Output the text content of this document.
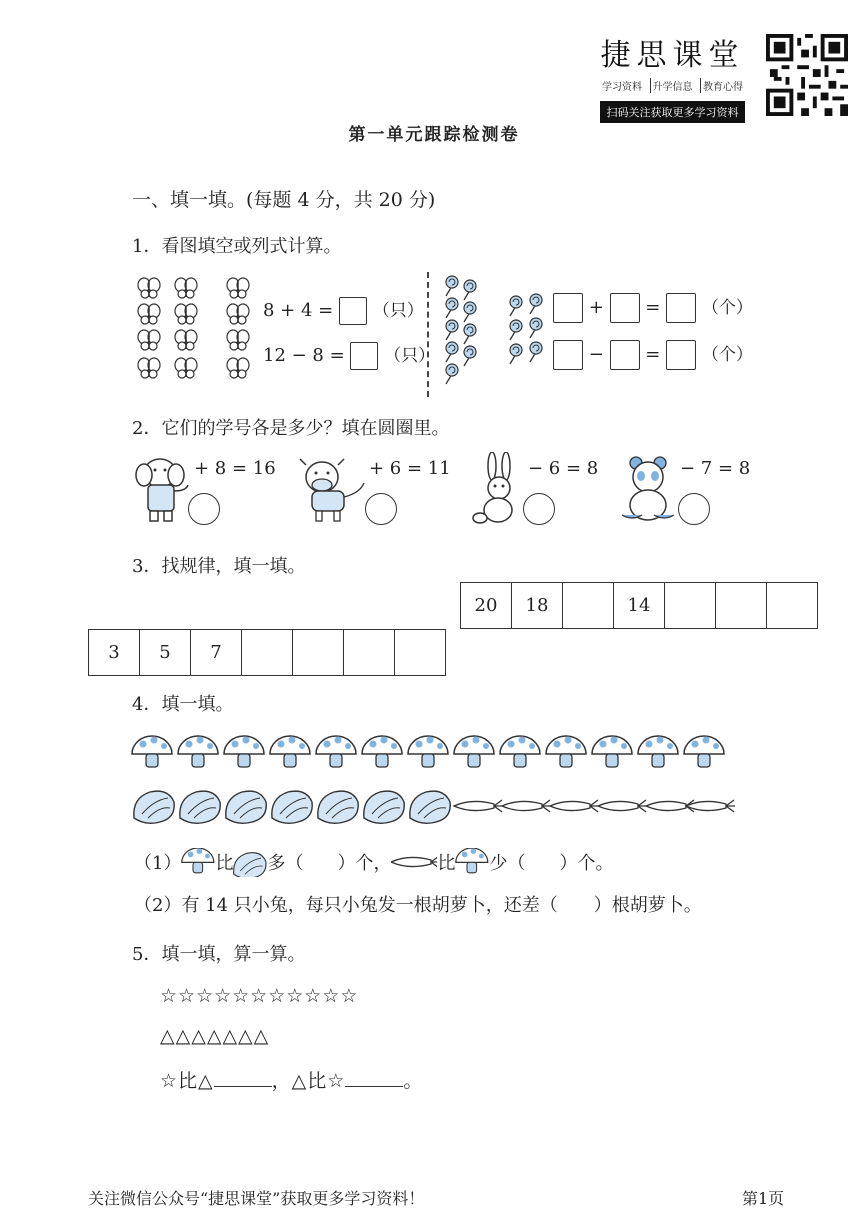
捷思课堂
学习资料	升学信息	教育心得
扫码关注获取更多学习资料
第一单元跟踪检测卷
一、填一填。(每题 4 分，共 20 分)
1．看图填空或列式计算。
8 + 4 = （只）
12 − 8 = （只）
+ = （个）
− = （个）
2．它们的学号各是多少？填在圆圈里。
+ 8 = 16	+ 6 = 11	− 6 = 8	− 7 = 8
3．找规律，填一填。
20	18		14			
3	5	7				
4．填一填。
（1） 比 多（ ）个，	比 少（ ）个。
（2）有 14 只小兔，每只小兔发一根胡萝卜，还差（　　）根胡萝卜。
5．填一填，算一算。
☆☆☆☆☆☆☆☆☆☆☆
△△△△△△△
☆比△	，△比☆	。
关注微信公众号“捷思课堂”获取更多学习资料！	第1页
